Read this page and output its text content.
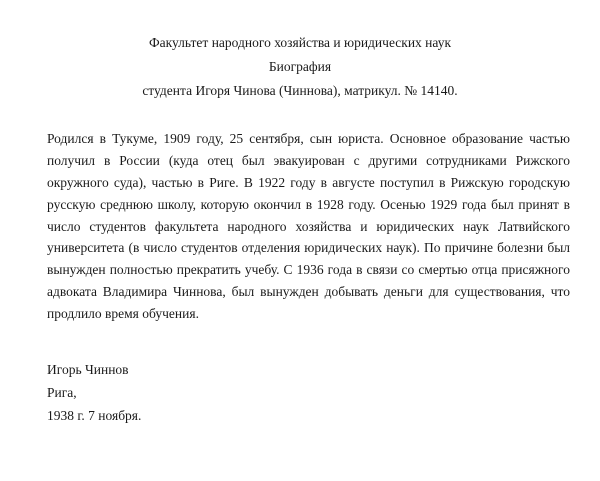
Факультет народного хозяйства и юридических наук
Биография
студента Игоря Чинова (Чиннова), матрикул. № 14140.
Родился в Тукуме, 1909 году, 25 сентября, сын юриста. Основное образование частью
получил в России (куда отец был эвакуирован с другими сотрудниками Рижского
окружного суда), частью в Риге. В 1922 году в августе поступил в Рижскую городскую
русскую среднюю школу, которую окончил в 1928 году. Осенью 1929 года был принят в
число студентов факультета народного хозяйства и юридических наук Латвийского
университета (в число студентов отделения юридических наук). По причине болезни был
вынужден полностью прекратить учебу. С 1936 года в связи со смертью отца присяжного
адвоката Владимира Чиннова, был вынужден добывать деньги для существования, что
продлило время обучения.
Игорь Чиннов
Рига,
1938 г. 7 ноября.
